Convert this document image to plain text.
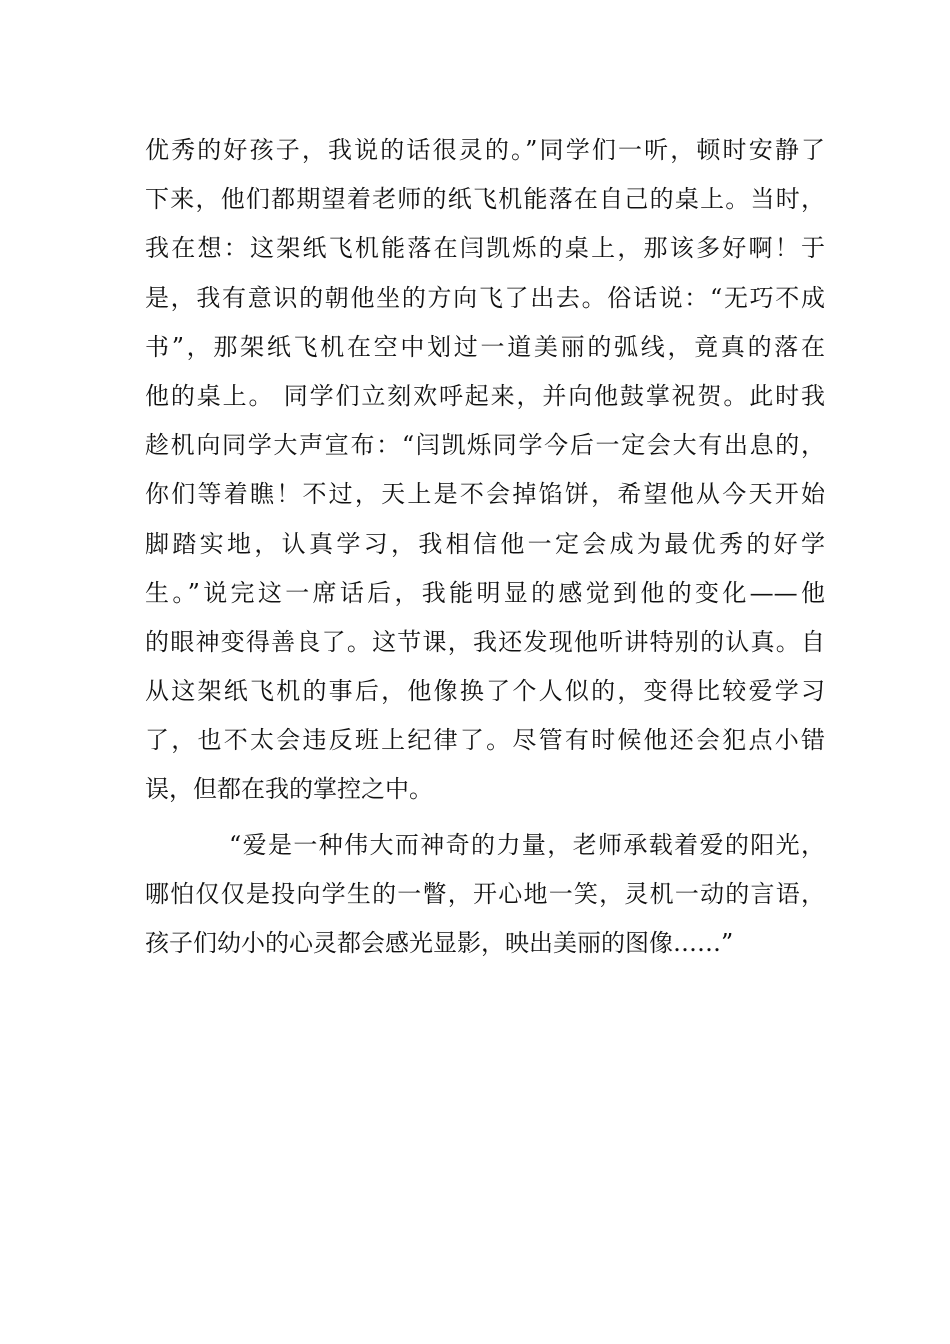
优秀的好孩子，我说的话很灵的。”同学们一听，顿时安静了
下来，他们都期望着老师的纸飞机能落在自己的桌上。当时，
我在想：这架纸飞机能落在闫凯烁的桌上，那该多好啊！于
是，我有意识的朝他坐的方向飞了出去。俗话说：“无巧不成
书”，那架纸飞机在空中划过一道美丽的弧线，竟真的落在
他的桌上。 同学们立刻欢呼起来，并向他鼓掌祝贺。此时我
趁机向同学大声宣布：“闫凯烁同学今后一定会大有出息的，
你们等着瞧！不过，天上是不会掉馅饼，希望他从今天开始
脚踏实地，认真学习，我相信他一定会成为最优秀的好学
生。”说完这一席话后，我能明显的感觉到他的变化——他
的眼神变得善良了。这节课，我还发现他听讲特别的认真。自
从这架纸飞机的事后，他像换了个人似的，变得比较爱学习
了，也不太会违反班上纪律了。尽管有时候他还会犯点小错
误，但都在我的掌控之中。
“爱是一种伟大而神奇的力量，老师承载着爱的阳光，
哪怕仅仅是投向学生的一瞥，开心地一笑，灵机一动的言语，
孩子们幼小的心灵都会感光显影，映出美丽的图像……”
